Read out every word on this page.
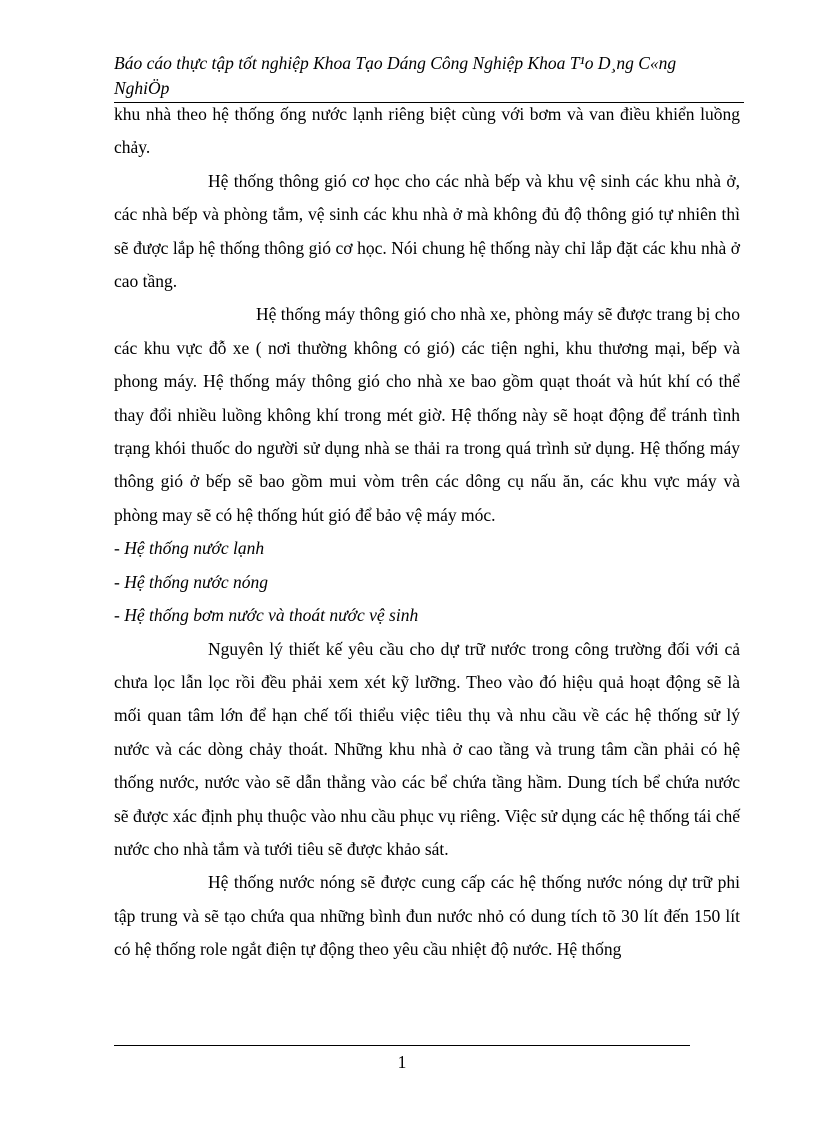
Báo cáo thực tập tốt nghiệp Khoa Tạo Dáng Công Nghiệp Khoa T¹o D¸ng C«ng
NghiÖp

khu nhà theo hệ thống ống nước lạnh riêng biệt cùng với bơm và van điều khiển luồng chảy.

Hệ thống thông gió cơ học cho các nhà bếp và khu vệ sinh các khu nhà ở, các nhà bếp và phòng tắm, vệ sinh các khu nhà ở mà không đủ độ thông gió tự nhiên thì sẽ được lắp hệ thống thông gió cơ học. Nói chung hệ thống này chỉ lắp đặt các khu nhà ở cao tầng.

Hệ thống máy thông gió cho nhà xe, phòng máy sẽ được trang bị cho các khu vực đỗ xe ( nơi thường không có gió) các tiện nghi, khu thương mại, bếp và phong máy. Hệ thống máy thông gió cho nhà xe bao gồm quạt thoát và hút khí có thể thay đổi nhiều luồng không khí trong mét giờ. Hệ thống này sẽ hoạt động để tránh tình trạng khói thuốc do người sử dụng nhà se thải ra trong quá trình sử dụng. Hệ thống máy thông gió ở bếp sẽ bao gồm mui vòm trên các dông cụ nấu ăn, các khu vực máy và phòng may sẽ có hệ thống hút gió để bảo vệ máy móc.

- Hệ thống nước lạnh

- Hệ thống nước nóng

- Hệ thống bơm nước và thoát nước vệ sinh

Nguyên lý thiết kế yêu cầu cho dự trữ nước trong công trường đối với cả chưa lọc lẫn lọc rồi đều phải xem xét kỹ lưỡng. Theo vào đó hiệu quả hoạt động sẽ là mối quan tâm lớn để hạn chế tối thiểu việc tiêu thụ và nhu cầu về các hệ thống sử lý nước và các dòng chảy thoát. Những khu nhà ở cao tầng và trung tâm cần phải có hệ thống nước, nước vào sẽ dẫn thẳng vào các bể chứa tầng hầm. Dung tích bể chứa nước sẽ được xác định phụ thuộc vào nhu cầu phục vụ riêng. Việc sử dụng các hệ thống tái chế nước cho nhà tắm và tưới tiêu sẽ được khảo sát.

Hệ thống nước nóng sẽ được cung cấp các hệ thống nước nóng dự trữ phi tập trung và sẽ tạo chứa qua những bình đun nước nhỏ có dung tích tõ 30 lít đến 150 lít có hệ thống role ngắt điện tự động theo yêu cầu nhiệt độ nước. Hệ thống

1
